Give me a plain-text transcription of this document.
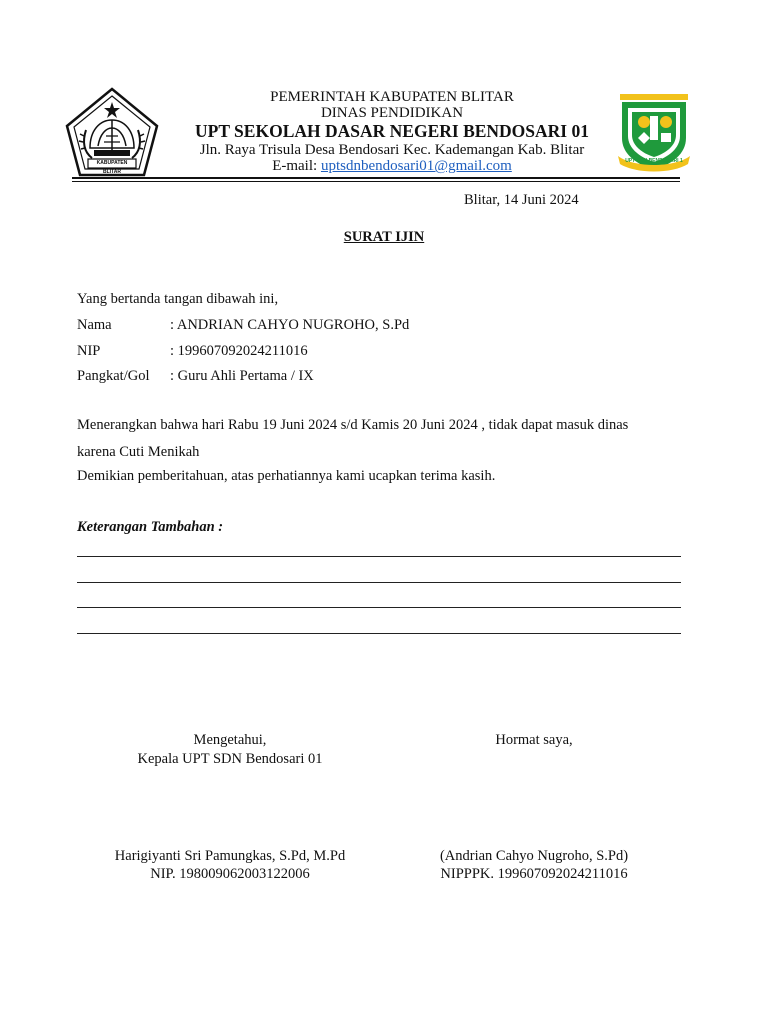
KABUPATEN BLITAR
UPT SDN BENDOSARI 1
PEMERINTAH KABUPATEN BLITAR
DINAS PENDIDIKAN
UPT SEKOLAH DASAR NEGERI BENDOSARI 01
Jln. Raya Trisula Desa Bendosari Kec. Kademangan Kab. Blitar
E-mail: uptsdnbendosari01@gmail.com
Blitar, 14 Juni 2024
SURAT IJIN
Yang bertanda tangan dibawah ini,
Nama	: ANDRIAN CAHYO NUGROHO, S.Pd
NIP	: 199607092024211016
Pangkat/Gol : Guru Ahli Pertama / IX
Menerangkan bahwa hari Rabu 19 Juni 2024 s/d Kamis 20 Juni 2024 , tidak dapat masuk dinas
karena Cuti Menikah
Demikian pemberitahuan, atas perhatiannya kami ucapkan terima kasih.
Keterangan Tambahan :
Mengetahui,
Kepala UPT SDN Bendosari 01
Hormat saya,
Harigiyanti Sri Pamungkas, S.Pd, M.Pd
NIP. 198009062003122006
(Andrian Cahyo Nugroho, S.Pd)
NIPPPK. 199607092024211016
